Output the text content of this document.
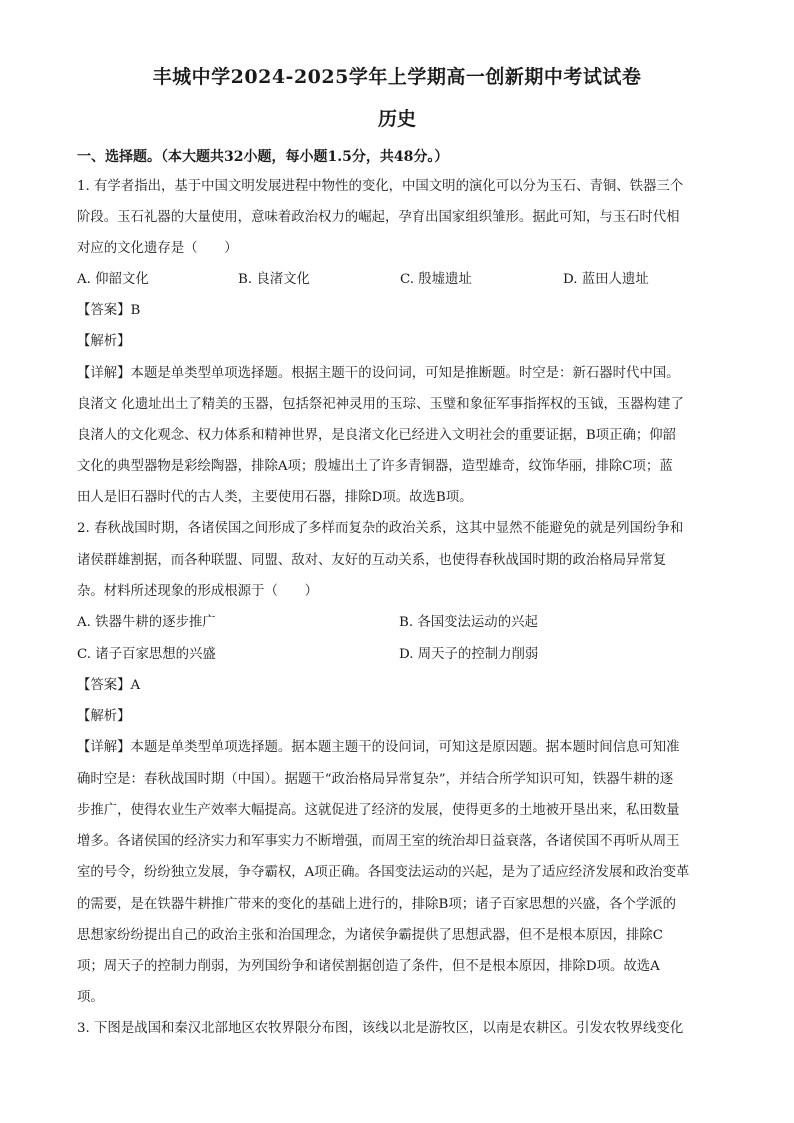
丰城中学2024-2025学年上学期高一创新期中考试试卷
历史
一、选择题。（本大题共32小题，每小题1.5分，共48分。）
1. 有学者指出，基于中国文明发展进程中物性的变化，中国文明的演化可以分为玉石、青铜、铁器三个
阶段。玉石礼器的大量使用，意味着政治权力的崛起，孕育出国家组织雏形。据此可知，与玉石时代相
对应的文化遗存是（　　）
A. 仰韶文化	B. 良渚文化	C. 殷墟遗址	D. 蓝田人遗址
【答案】B
【解析】
【详解】本题是单类型单项选择题。根据主题干的设问词，可知是推断题。时空是：新石器时代中国。
良渚文 化遗址出土了精美的玉器，包括祭祀神灵用的玉琮、玉璧和象征军事指挥权的玉钺，玉器构建了
良渚人的文化观念、权力体系和精神世界，是良渚文化已经进入文明社会的重要证据，B项正确；仰韶
文化的典型器物是彩绘陶器，排除A项；殷墟出土了许多青铜器，造型雄奇，纹饰华丽，排除C项；蓝
田人是旧石器时代的古人类，主要使用石器，排除D项。故选B项。
2. 春秋战国时期，各诸侯国之间形成了多样而复杂的政治关系，这其中显然不能避免的就是列国纷争和
诸侯群雄割据，而各种联盟、同盟、敌对、友好的互动关系，也使得春秋战国时期的政治格局异常复
杂。材料所述现象的形成根源于（　　）
A. 铁器牛耕的逐步推广	B. 各国变法运动的兴起
C. 诸子百家思想的兴盛	D. 周天子的控制力削弱
【答案】A
【解析】
【详解】本题是单类型单项选择题。据本题主题干的设问词，可知这是原因题。据本题时间信息可知准
确时空是：春秋战国时期（中国）。据题干“政治格局异常复杂”，并结合所学知识可知，铁器牛耕的逐
步推广，使得农业生产效率大幅提高。这就促进了经济的发展，使得更多的土地被开垦出来，私田数量
增多。各诸侯国的经济实力和军事实力不断增强，而周王室的统治却日益衰落，各诸侯国不再听从周王
室的号令，纷纷独立发展，争夺霸权，A项正确。各国变法运动的兴起，是为了适应经济发展和政治变革
的需要，是在铁器牛耕推广带来的变化的基础上进行的，排除B项；诸子百家思想的兴盛，各个学派的
思想家纷纷提出自己的政治主张和治国理念，为诸侯争霸提供了思想武器，但不是根本原因，排除C
项；周天子的控制力削弱，为列国纷争和诸侯割据创造了条件，但不是根本原因，排除D项。故选A
项。
3. 下图是战国和秦汉北部地区农牧界限分布图，该线以北是游牧区，以南是农耕区。引发农牧界线变化
